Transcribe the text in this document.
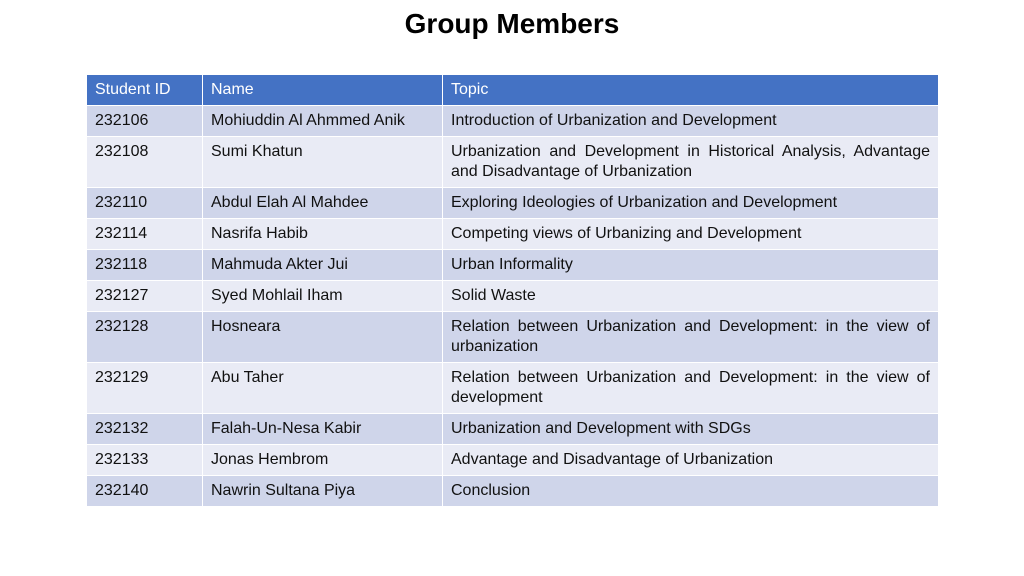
Group Members
Student ID	Name	Topic
232106	Mohiuddin Al Ahmmed Anik	Introduction of Urbanization and Development
232108	Sumi Khatun	Urbanization and Development in Historical Analysis, Advantage and Disadvantage of Urbanization
232110	Abdul Elah Al Mahdee	Exploring Ideologies of Urbanization and Development
232114	Nasrifa Habib	Competing views of Urbanizing and Development
232118	Mahmuda Akter Jui	Urban Informality
232127	Syed Mohlail Iham	Solid Waste
232128	Hosneara	Relation between Urbanization and Development: in the view of urbanization
232129	Abu Taher	Relation between Urbanization and Development: in the view of development
232132	Falah-Un-Nesa Kabir	Urbanization and Development with SDGs
232133	Jonas Hembrom	Advantage and Disadvantage of Urbanization
232140	Nawrin Sultana Piya	Conclusion
